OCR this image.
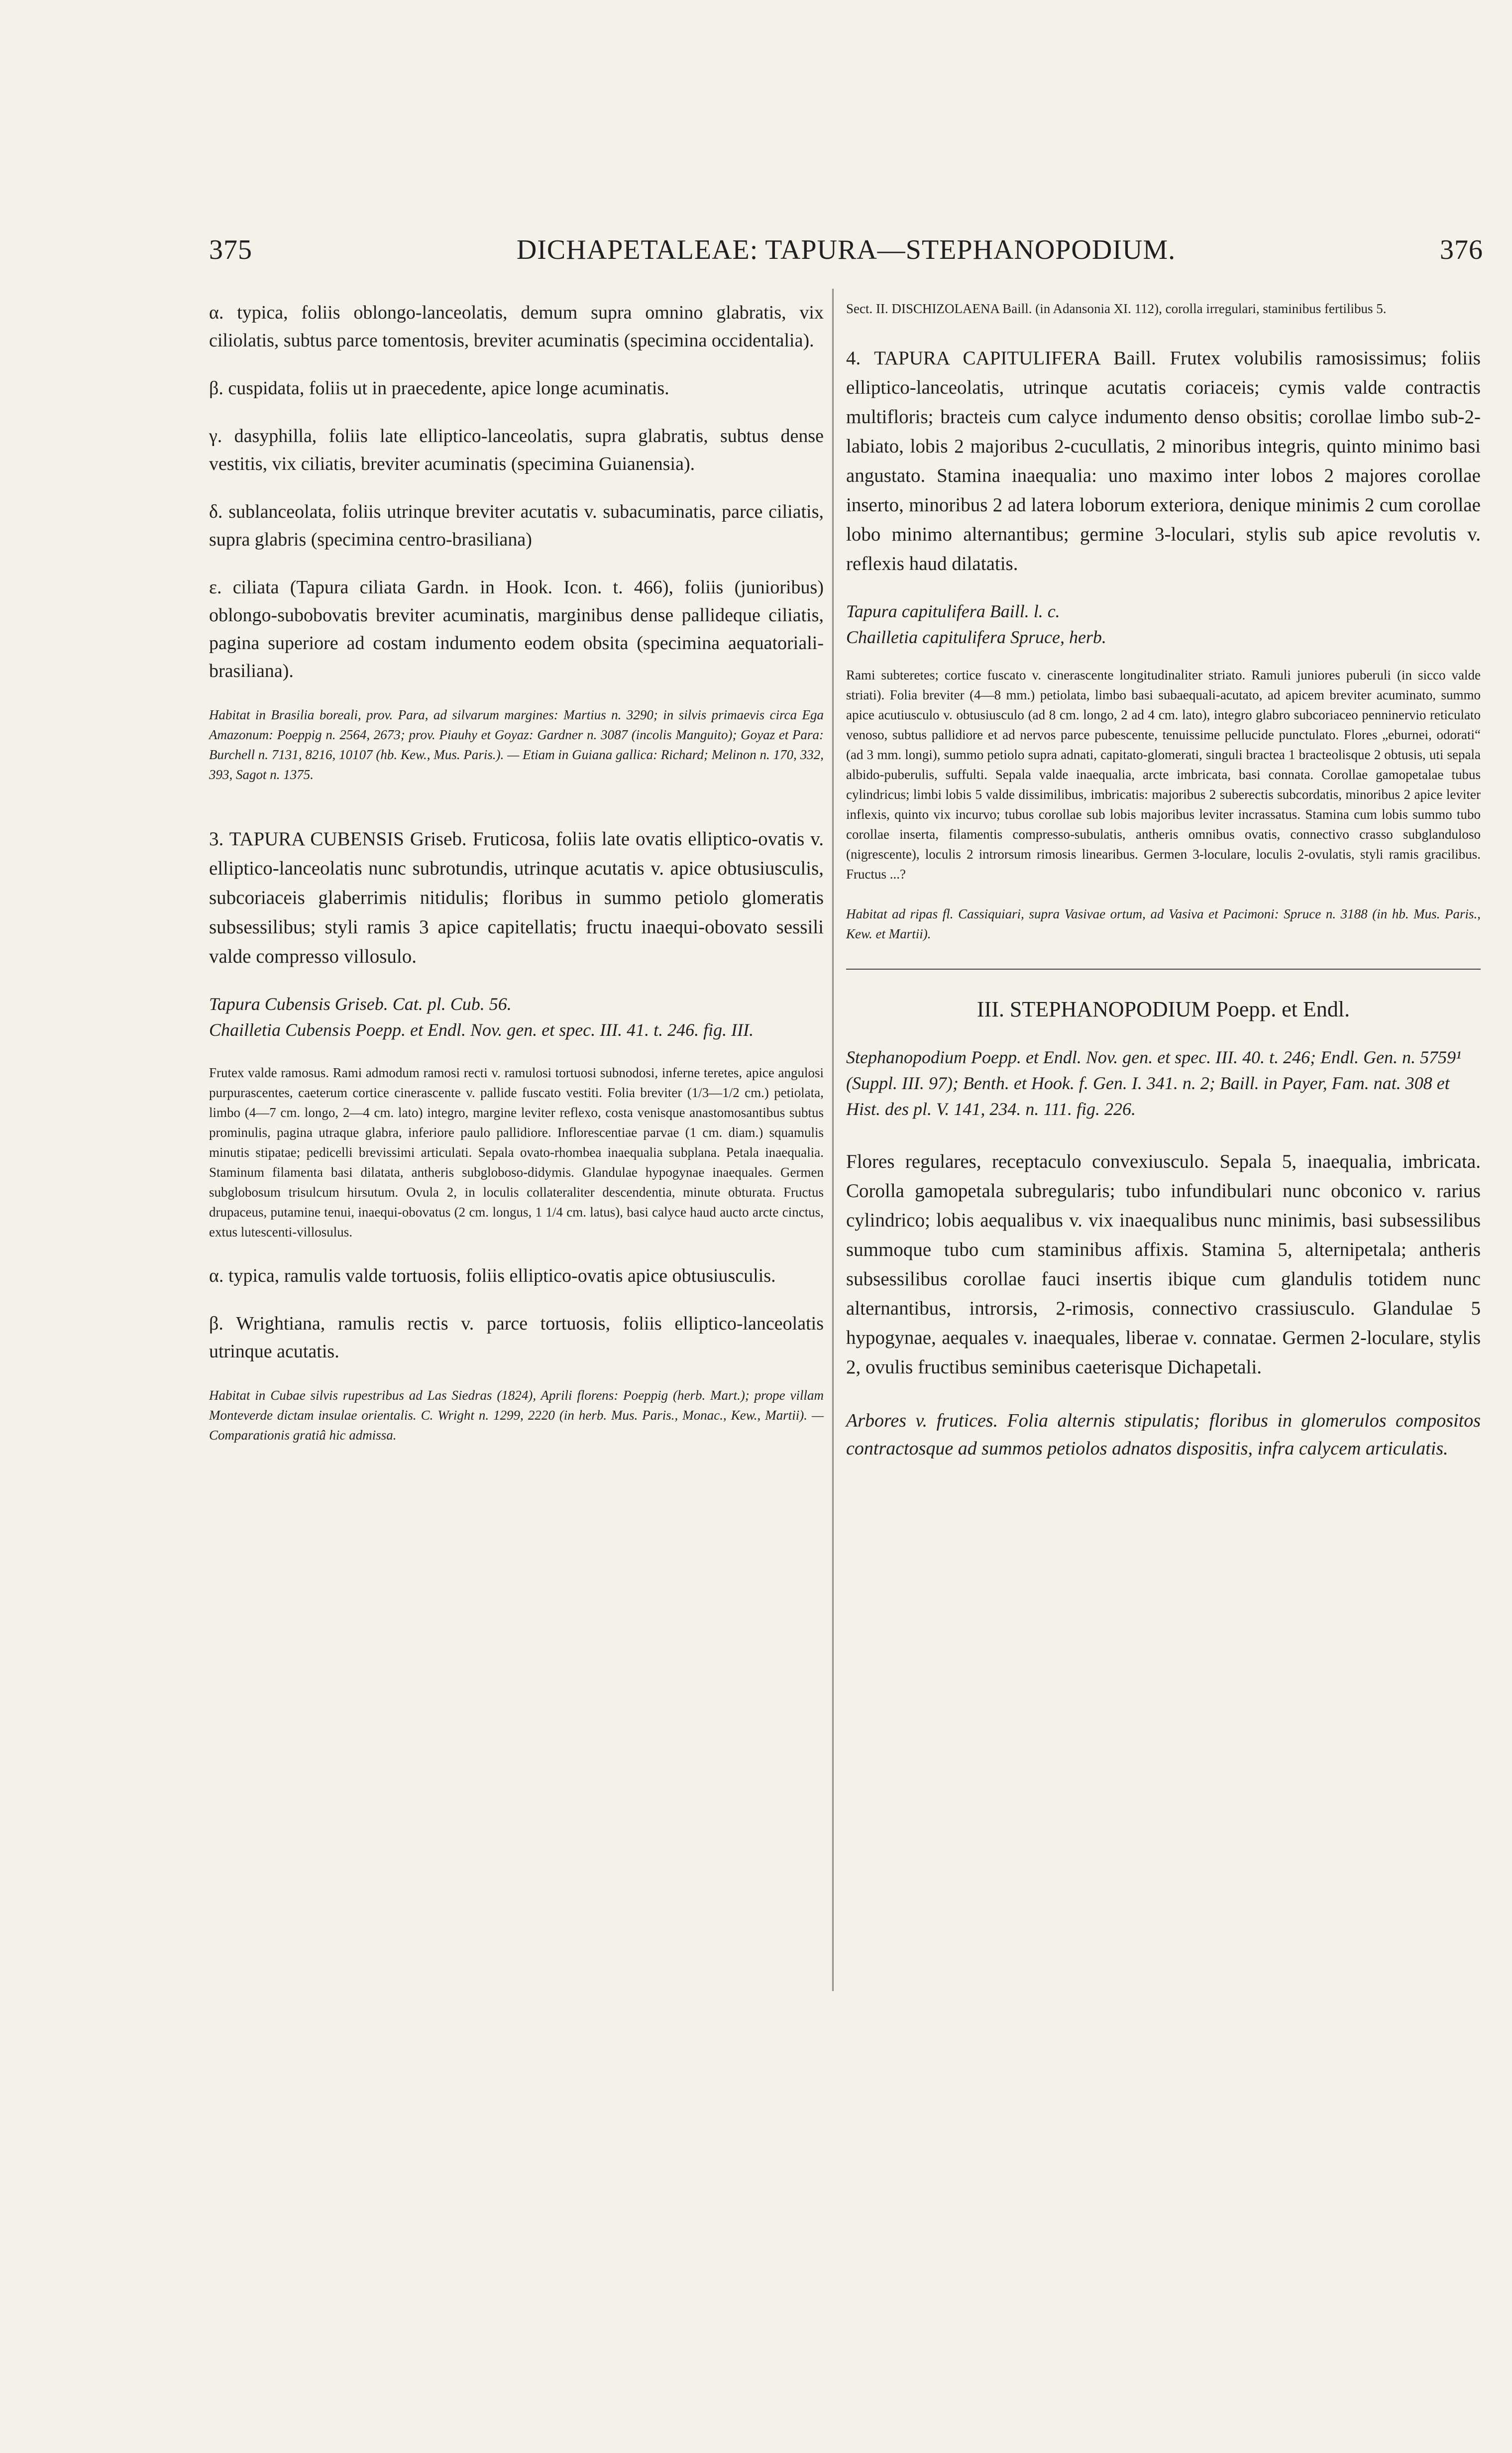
375	DICHAPETALEAE: TAPURA—STEPHANOPODIUM.	376

α. typica, foliis oblongo-lanceolatis, demum supra omnino glabratis, vix ciliolatis, subtus parce tomentosis, breviter acuminatis (specimina occidentalia).

β. cuspidata, foliis ut in praecedente, apice longe acuminatis.

γ. dasyphilla, foliis late elliptico-lanceolatis, supra glabratis, subtus dense vestitis, vix ciliatis, breviter acuminatis (specimina Guianensia).

δ. sublanceolata, foliis utrinque breviter acutatis v. subacuminatis, parce ciliatis, supra glabris (specimina centro-brasiliana)

ε. ciliata (Tapura ciliata Gardn. in Hook. Icon. t. 466), foliis (junioribus) oblongo-subobovatis breviter acuminatis, marginibus dense pallideque ciliatis, pagina superiore ad costam indumento eodem obsita (specimina aequatoriali-brasiliana).

Habitat in Brasilia boreali, prov. Para, ad silvarum margines: Martius n. 3290; in silvis primaevis circa Ega Amazonum: Poeppig n. 2564, 2673; prov. Piauhy et Goyaz: Gardner n. 3087 (incolis Manguito); Goyaz et Para: Burchell n. 7131, 8216, 10107 (hb. Kew., Mus. Paris.). — Etiam in Guiana gallica: Richard; Melinon n. 170, 332, 393, Sagot n. 1375.

3. TAPURA CUBENSIS Griseb. Fruticosa, foliis late ovatis elliptico-ovatis v. elliptico-lanceolatis nunc subrotundis, utrinque acutatis v. apice obtusiusculis, subcoriaceis glaberrimis nitidulis; floribus in summo petiolo glomeratis subsessilibus; styli ramis 3 apice capitellatis; fructu inaequi-obovato sessili valde compresso villosulo.

Tapura Cubensis Griseb. Cat. pl. Cub. 56.

Chailletia Cubensis Poepp. et Endl. Nov. gen. et spec. III. 41. t. 246. fig. III.

Frutex valde ramosus. Rami admodum ramosi recti v. ramulosi tortuosi subnodosi, inferne teretes, apice angulosi purpurascentes, caeterum cortice cinerascente v. pallide fuscato vestiti. Folia breviter (1/3—1/2 cm.) petiolata, limbo (4—7 cm. longo, 2—4 cm. lato) integro, margine leviter reflexo, costa venisque anastomosantibus subtus prominulis, pagina utraque glabra, inferiore paulo pallidiore. Inflorescentiae parvae (1 cm. diam.) squamulis minutis stipatae; pedicelli brevissimi articulati. Sepala ovato-rhombea inaequalia subplana. Petala inaequalia. Staminum filamenta basi dilatata, antheris subgloboso-didymis. Glandulae hypogynae inaequales. Germen subglobosum trisulcum hirsutum. Ovula 2, in loculis collateraliter descendentia, minute obturata. Fructus drupaceus, putamine tenui, inaequi-obovatus (2 cm. longus, 1 1/4 cm. latus), basi calyce haud aucto arcte cinctus, extus lutescenti-villosulus.

α. typica, ramulis valde tortuosis, foliis elliptico-ovatis apice obtusiusculis.

β. Wrightiana, ramulis rectis v. parce tortuosis, foliis elliptico-lanceolatis utrinque acutatis.

Habitat in Cubae silvis rupestribus ad Las Siedras (1824), Aprili florens: Poeppig (herb. Mart.); prope villam Monteverde dictam insulae orientalis. C. Wright n. 1299, 2220 (in herb. Mus. Paris., Monac., Kew., Martii). — Comparationis gratiâ hic admissa.

Sect. II. DISCHIZOLAENA Baill. (in Adansonia XI. 112), corolla irregulari, staminibus fertilibus 5.

4. TAPURA CAPITULIFERA Baill. Frutex volubilis ramosissimus; foliis elliptico-lanceolatis, utrinque acutatis coriaceis; cymis valde contractis multifloris; bracteis cum calyce indumento denso obsitis; corollae limbo sub-2-labiato, lobis 2 majoribus 2-cucullatis, 2 minoribus integris, quinto minimo basi angustato. Stamina inaequalia: uno maximo inter lobos 2 majores corollae inserto, minoribus 2 ad latera loborum exteriora, denique minimis 2 cum corollae lobo minimo alternantibus; germine 3-loculari, stylis sub apice revolutis v. reflexis haud dilatatis.

Tapura capitulifera Baill. l. c.

Chailletia capitulifera Spruce, herb.

Rami subteretes; cortice fuscato v. cinerascente longitudinaliter striato. Ramuli juniores puberuli (in sicco valde striati). Folia breviter (4—8 mm.) petiolata, limbo basi subaequali-acutato, ad apicem breviter acuminato, summo apice acutiusculo v. obtusiusculo (ad 8 cm. longo, 2 ad 4 cm. lato), integro glabro subcoriaceo penninervio reticulato venoso, subtus pallidiore et ad nervos parce pubescente, tenuissime pellucide punctulato. Flores „eburnei, odorati“ (ad 3 mm. longi), summo petiolo supra adnati, capitato-glomerati, singuli bractea 1 bracteolisque 2 obtusis, uti sepala albido-puberulis, suffulti. Sepala valde inaequalia, arcte imbricata, basi connata. Corollae gamopetalae tubus cylindricus; limbi lobis 5 valde dissimilibus, imbricatis: majoribus 2 suberectis subcordatis, minoribus 2 apice leviter inflexis, quinto vix incurvo; tubus corollae sub lobis majoribus leviter incrassatus. Stamina cum lobis summo tubo corollae inserta, filamentis compresso-subulatis, antheris omnibus ovatis, connectivo crasso subglanduloso (nigrescente), loculis 2 introrsum rimosis linearibus. Germen 3-loculare, loculis 2-ovulatis, styli ramis gracilibus. Fructus ...?

Habitat ad ripas fl. Cassiquiari, supra Vasivae ortum, ad Vasiva et Pacimoni: Spruce n. 3188 (in hb. Mus. Paris., Kew. et Martii).

III. STEPHANOPODIUM Poepp. et Endl.

Stephanopodium Poepp. et Endl. Nov. gen. et spec. III. 40. t. 246; Endl. Gen. n. 5759¹ (Suppl. III. 97); Benth. et Hook. f. Gen. I. 341. n. 2; Baill. in Payer, Fam. nat. 308 et Hist. des pl. V. 141, 234. n. 111. fig. 226.

Flores regulares, receptaculo convexiusculo. Sepala 5, inaequalia, imbricata. Corolla gamopetala subregularis; tubo infundibulari nunc obconico v. rarius cylindrico; lobis aequalibus v. vix inaequalibus nunc minimis, basi subsessilibus summoque tubo cum staminibus affixis. Stamina 5, alternipetala; antheris subsessilibus corollae fauci insertis ibique cum glandulis totidem nunc alternantibus, introrsis, 2-rimosis, connectivo crassiusculo. Glandulae 5 hypogynae, aequales v. inaequales, liberae v. connatae. Germen 2-loculare, stylis 2, ovulis fructibus seminibus caeterisque Dichapetali.

Arbores v. frutices. Folia alternis stipulatis; floribus in glomerulos compositos contractosque ad summos petiolos adnatos dispositis, infra calycem articulatis.
